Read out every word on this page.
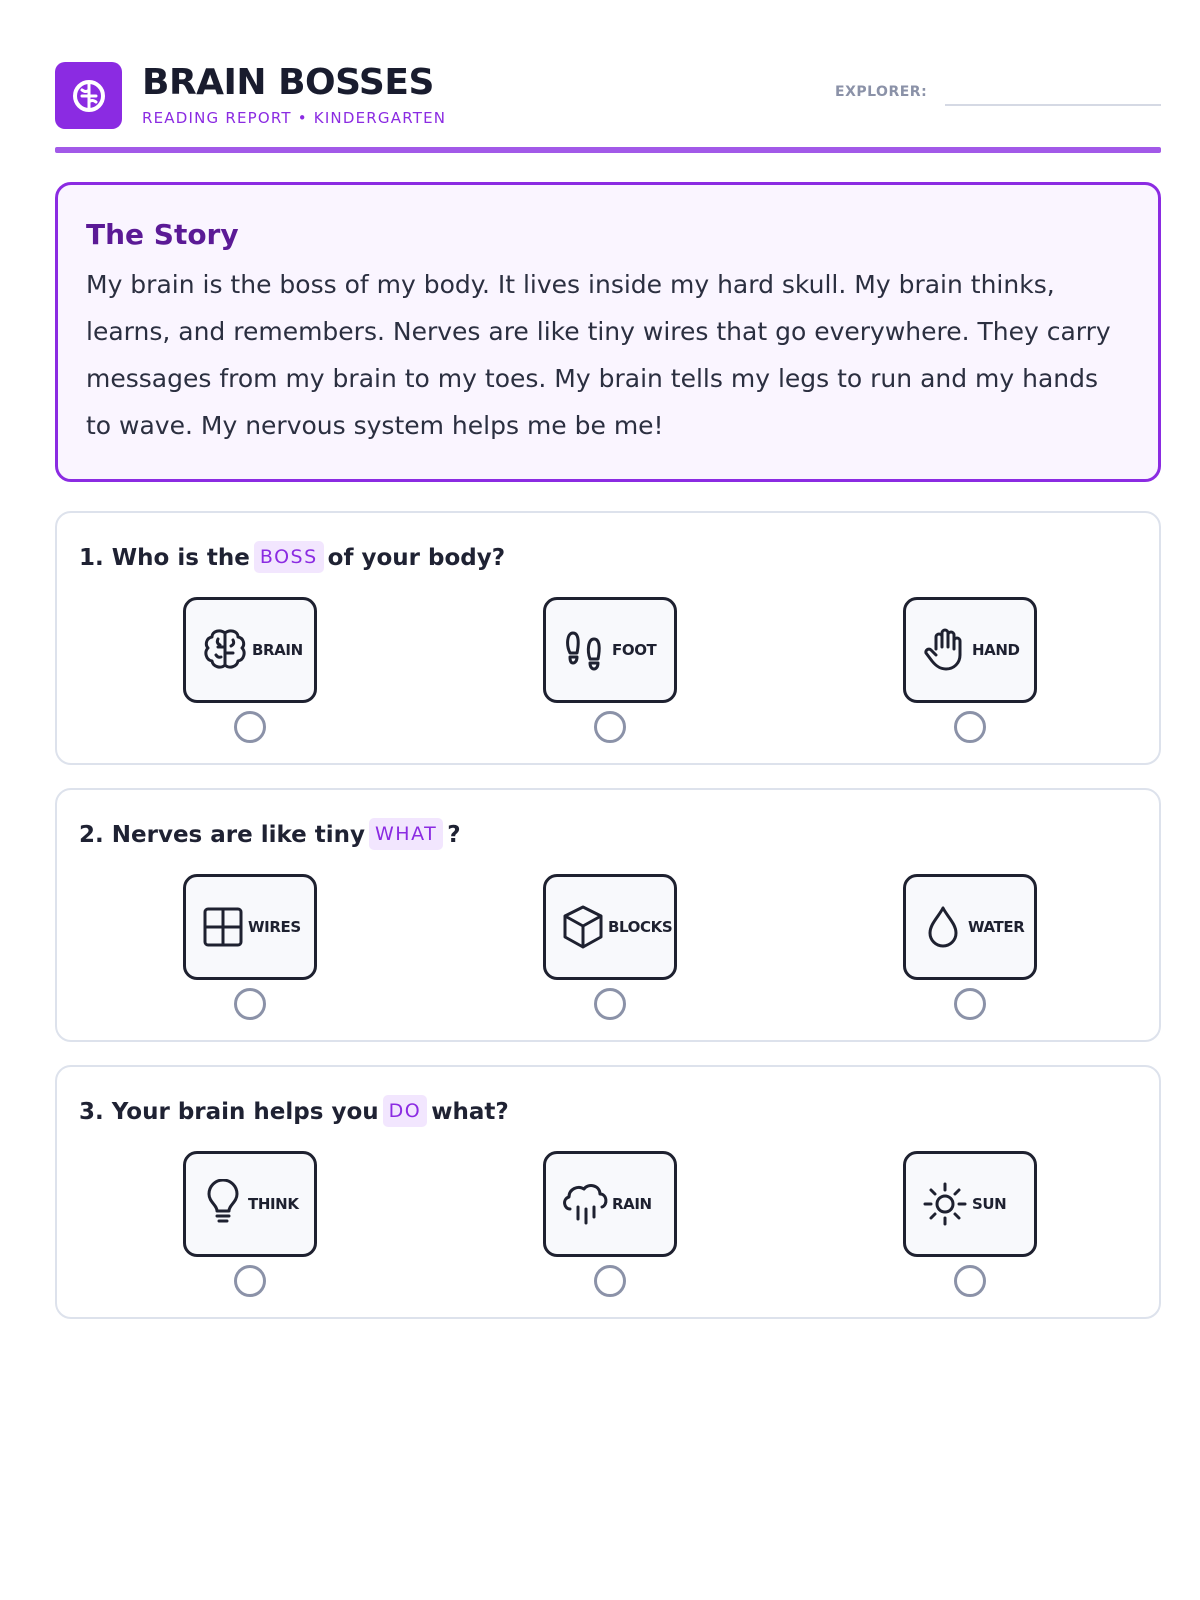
BRAIN BOSSES
READING REPORT • KINDERGARTEN
EXPLORER:
The Story
My brain is the boss of my body. It lives inside my hard skull. My brain thinks, learns, and remembers. Nerves are like tiny wires that go everywhere. They carry messages from my brain to my toes. My brain tells my legs to run and my hands to wave. My nervous system helps me be me!
1. Who is the BOSS of your body?
BRAIN	FOOT	HAND
2. Nerves are like tiny WHAT ?
WIRES	BLOCKS	WATER
3. Your brain helps you DO what?
THINK	RAIN	SUN
